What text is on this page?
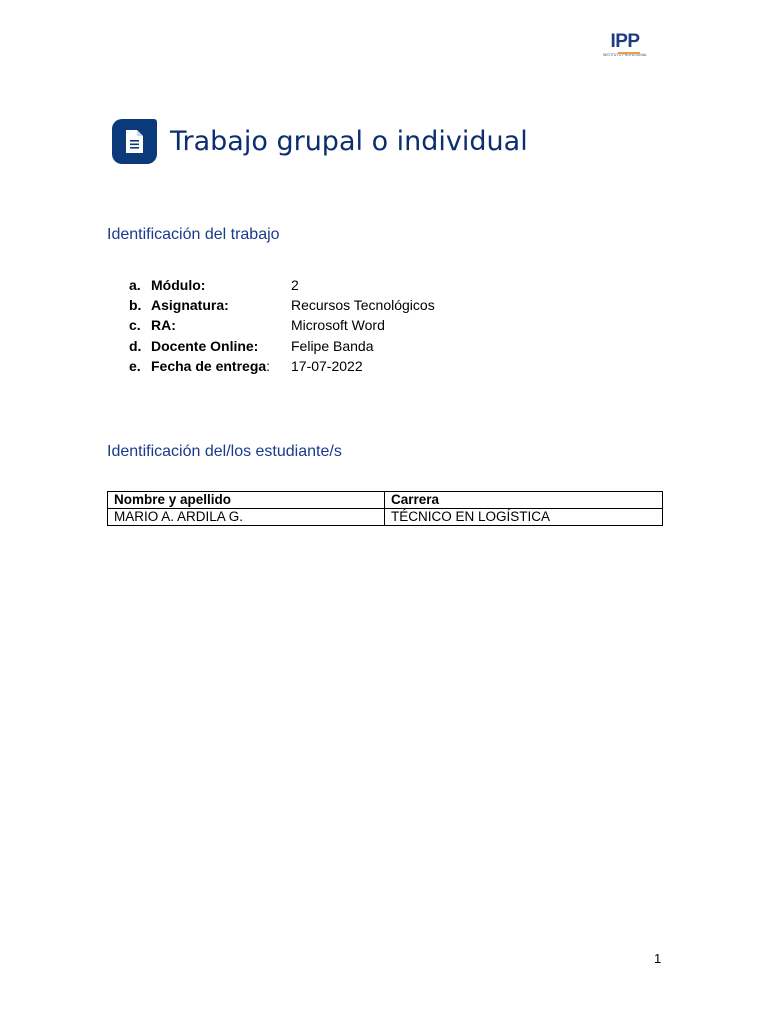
IPP
INSTITUTO PROFESIONAL
Trabajo grupal o individual
Identificación del trabajo
a. Módulo:	2
b. Asignatura:	Recursos Tecnológicos
c. RA:	Microsoft Word
d. Docente Online: Felipe Banda
e. Fecha de entrega: 17-07-2022
Identificación del/los estudiante/s
Nombre y apellido	Carrera
MARIO A. ARDILA G.	TÉCNICO EN LOGÍSTICA
1
